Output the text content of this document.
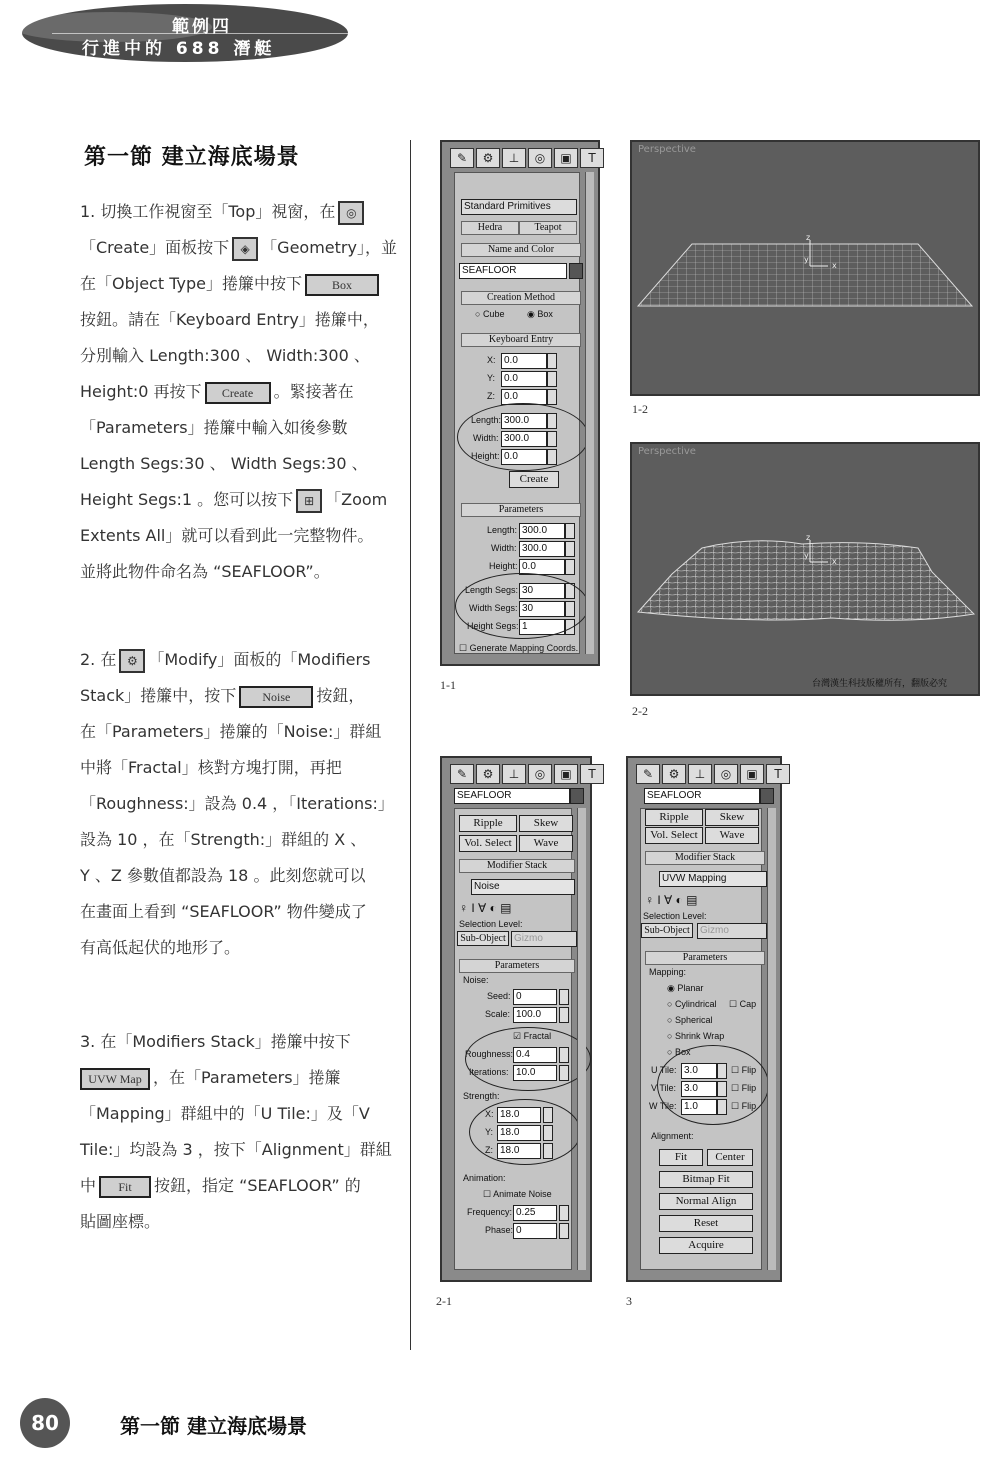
範例四
行進中的 688 潛艇
第一節 建立海底場景
1. 切換工作視窗至「Top」視窗，在 ◎
「Create」面板按下 ◈ 「Geometry」，並
在「Object Type」捲簾中按下 Box
按鈕。請在「Keyboard Entry」捲簾中，
分別輸入 Length:300 、 Width:300 、
Height:0 再按下 Create 。緊接著在
「Parameters」捲簾中輸入如後參數
Length Segs:30 、 Width Segs:30 、
Height Segs:1 。您可以按下 ⊞ 「Zoom
Extents All」就可以看到此一完整物件。
並將此物件命名為 “SEAFLOOR”。
2. 在 ⚙ 「Modify」面板的「Modifiers
Stack」捲簾中，按下 Noise 按鈕，
在「Parameters」捲簾的「Noise:」群組
中將「Fractal」核對方塊打開，再把
「Roughness:」設為 0.4 ，「Iterations:」
設為 10 ，在「Strength:」群組的 X 、
Y 、Z 參數值都設為 18 。此刻您就可以
在畫面上看到 “SEAFLOOR” 物件變成了
有高低起伏的地形了。
3. 在「Modifiers Stack」捲簾中按下
UVW Map ，在「Parameters」捲簾
「Mapping」群組中的「U Tile:」及「V
Tile:」均設為 3 ，按下「Alignment」群組
中 Fit 按鈕，指定 “SEAFLOOR” 的
貼圖座標。
✎	⚙	⊥	◎	▣	T
Standard Primitives
Hedra	Teapot
Name and Color
SEAFLOOR
Creation Method
○ Cube	◉ Box
Keyboard Entry
X: 0.0
Y: 0.0
Z: 0.0
Length: 300.0
Width: 300.0
Height: 0.0
Create
Parameters
Length: 300.0
Width: 300.0
Height: 0.0
Length Segs: 30
Width Segs: 30
Height Segs: 1
☐ Generate Mapping Coords.
1-1
Perspective
z
y
x
1-2
Perspective
z
y
x
台灣漢生科技版權所有，翻版必究
2-2
✎	⚙	⊥	◎	▣	T
SEAFLOOR
Ripple	Skew
Vol. Select	Wave
Modifier Stack
Noise
♀ I ∀ ◐ ▤
Selection Level:
Sub-Object Gizmo
Parameters
Noise:
Seed: 0
Scale: 100.0
☑ Fractal
Roughness: 0.4
Iterations: 10.0
Strength:
X: 18.0
Y: 18.0
Z: 18.0
Animation:
☐ Animate Noise
Frequency: 0.25
Phase: 0
2-1
✎	⚙	⊥	◎	▣	T
SEAFLOOR
Ripple	Skew
Vol. Select	Wave
Modifier Stack
UVW Mapping
♀ I ∀ ◐ ▤
Selection Level:
Sub-Object	Gizmo
Parameters
Mapping:
◉ Planar
○ Cylindrical ☐ Cap
○ Spherical
○ Shrink Wrap
○ Box
U Tile: 3.0	☐ Flip
V Tile: 3.0	☐ Flip
W Tile: 1.0	☐ Flip
Alignment:
Fit	Center
Bitmap Fit
Normal Align
Reset
Acquire
3
80	第一節 建立海底場景
